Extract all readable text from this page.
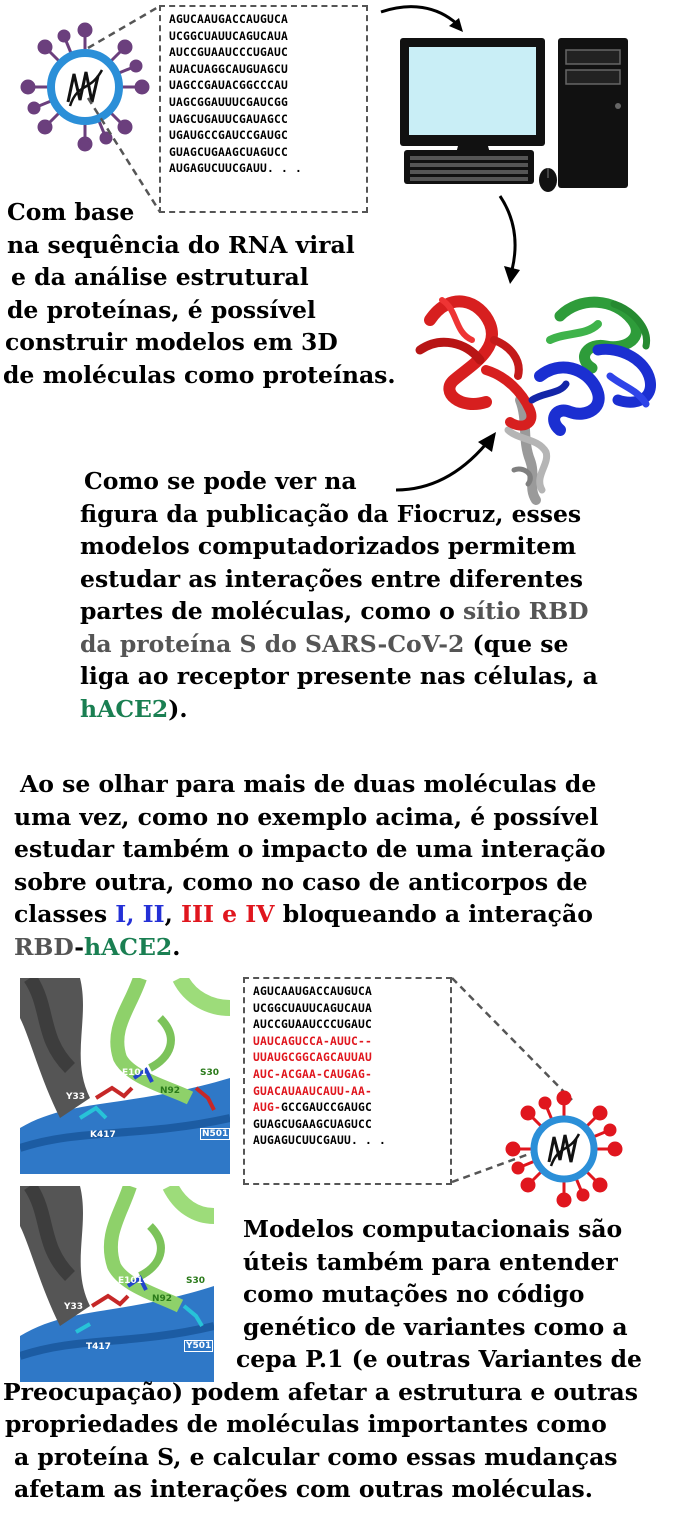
AGUCAAUGACCAUGUCA
UCGGCUAUUCAGUCAUA
AUCCGUAAUCCCUGAUC
AUACUAGGCAUGUAGCU
UAGCCGAUACGGCCCAU
UAGCGGAUUUCGAUCGG
UAGCUGAUUCGAUAGCC
UGAUGCCGAUCCGAUGC
GUAGCUGAAGCUAGUCC
AUGAGUCUUCGAUU. . .
Com base
na sequência do RNA viral
e da análise estrutural
de proteínas, é possível
construir modelos em 3D
de moléculas como proteínas.
Como se pode ver na
figura da publicação da Fiocruz, esses
modelos computadorizados permitem
estudar as interações entre diferentes
partes de moléculas, como o sítio RBD
da proteína S do SARS-CoV-2 (que se
liga ao receptor presente nas células, a
hACE2).
Ao se olhar para mais de duas moléculas de
uma vez, como no exemplo acima, é possível
estudar também o impacto de uma interação
sobre outra, como no caso de anticorpos de
classes I, II, III e IV bloqueando a interação
RBD-hACE2.
E101
Y33
N92
S30
K417	N501
E101
Y33
N92
S30
T417	Y501
AGUCAAUGACCAUGUCA
UCGGCUAUUCAGUCAUA
AUCCGUAAUCCCUGAUC
UAUCAGUCCA-AUUC--
UUAUGCGGCAGCAUUAU
AUC-ACGAA-CAUGAG-
GUACAUAAUCAUU-AA-
AUG-GCCGAUCCGAUGC
GUAGCUGAAGCUAGUCC
AUGAGUCUUCGAUU. . .
Modelos computacionais são
úteis também para entender
como mutações no código
genético de variantes como a
cepa P.1 (e outras Variantes de
Preocupação) podem afetar a estrutura e outras
propriedades de moléculas importantes como
a proteína S, e calcular como essas mudanças
afetam as interações com outras moléculas.
